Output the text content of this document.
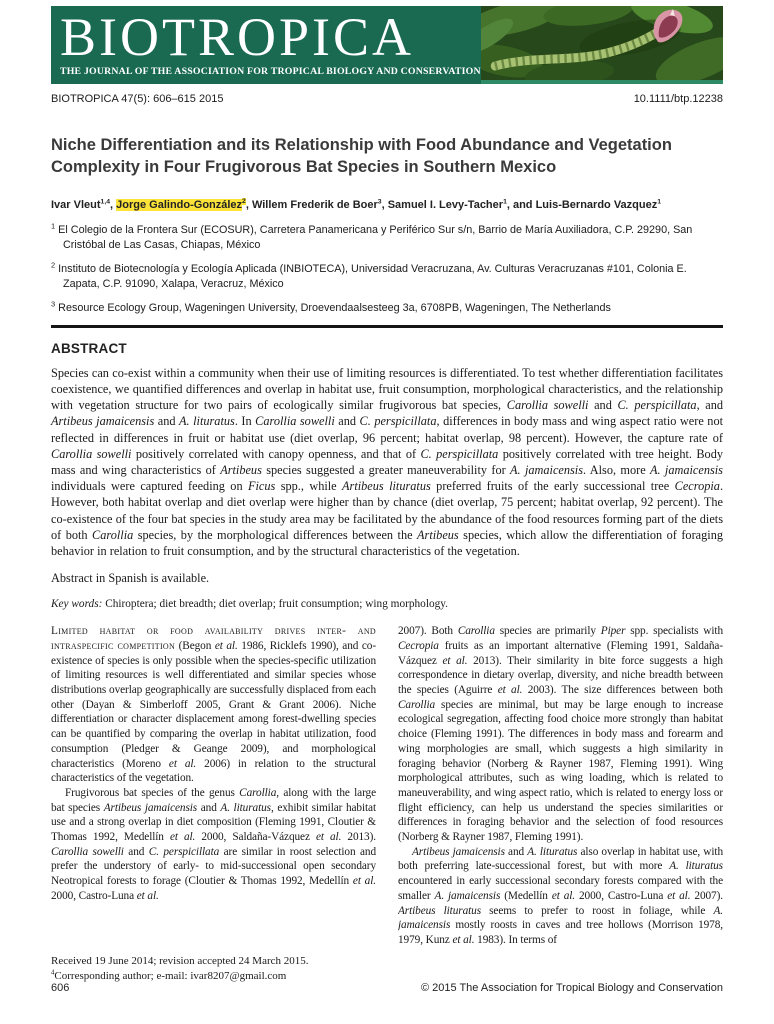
BIOTROPICA
THE JOURNAL OF THE ASSOCIATION FOR TROPICAL BIOLOGY AND CONSERVATION
BIOTROPICA 47(5): 606–615 2015	10.1111/btp.12238
Niche Differentiation and its Relationship with Food Abundance and Vegetation Complexity in Four Frugivorous Bat Species in Southern Mexico

Ivar Vleut$^{1,4}$, Jorge Galindo-González$^2$, Willem Frederik de Boer$^3$, Samuel I. Levy-Tacher$^1$, and Luis-Bernardo Vazquez$^1$

$^1$ El Colegio de la Frontera Sur (ECOSUR), Carretera Panamericana y Periférico Sur s/n, Barrio de María Auxiliadora, C.P. 29290, San Cristóbal de Las Casas, Chiapas, México

$^2$ Instituto de Biotecnología y Ecología Aplicada (INBIOTECA), Universidad Veracruzana, Av. Culturas Veracruzanas #101, Colonia E. Zapata, C.P. 91090, Xalapa, Veracruz, México

$^3$ Resource Ecology Group, Wageningen University, Droevendaalsesteeg 3a, 6708PB, Wageningen, The Netherlands

ABSTRACT

Species can co-exist within a community when their use of limiting resources is differentiated. To test whether differentiation facilitates coexistence, we quantified differences and overlap in habitat use, fruit consumption, morphological characteristics, and the relationship with vegetation structure for two pairs of ecologically similar frugivorous bat species, Carollia sowelli and C. perspicillata, and Artibeus jamaicensis and A. lituratus. In Carollia sowelli and C. perspicillata, differences in body mass and wing aspect ratio were not reflected in differences in fruit or habitat use (diet overlap, 96 percent; habitat overlap, 98 percent). However, the capture rate of Carollia sowelli positively correlated with canopy openness, and that of C. perspicillata positively correlated with tree height. Body mass and wing characteristics of Artibeus species suggested a greater maneuverability for A. jamaicensis. Also, more A. jamaicensis individuals were captured feeding on Ficus spp., while Artibeus lituratus preferred fruits of the early successional tree Cecropia. However, both habitat overlap and diet overlap were higher than by chance (diet overlap, 75 percent; habitat overlap, 92 percent). The co-existence of the four bat species in the study area may be facilitated by the abundance of the food resources forming part of the diets of both Carollia species, by the morphological differences between the Artibeus species, which allow the differentiation of foraging behavior in relation to fruit consumption, and by the structural characteristics of the vegetation.

Abstract in Spanish is available.

Key words: Chiroptera; diet breadth; diet overlap; fruit consumption; wing morphology.

Limited habitat or food availability drives inter- and intraspecific competition (Begon et al. 1986, Ricklefs 1990), and co-existence of species is only possible when the species-specific utilization of limiting resources is well differentiated and similar species whose distributions overlap geographically are successfully displaced from each other (Dayan & Simberloff 2005, Grant & Grant 2006). Niche differentiation or character displacement among forest-dwelling species can be quantified by comparing the overlap in habitat utilization, food consumption (Pledger & Geange 2009), and morphological characteristics (Moreno et al. 2006) in relation to the structural characteristics of the vegetation.

Frugivorous bat species of the genus Carollia, along with the large bat species Artibeus jamaicensis and A. lituratus, exhibit similar habitat use and a strong overlap in diet composition (Fleming 1991, Cloutier & Thomas 1992, Medellín et al. 2000, Saldaña-Vázquez et al. 2013). Carollia sowelli and C. perspicillata are similar in roost selection and prefer the understory of early- to mid-successional open secondary Neotropical forests to forage (Cloutier & Thomas 1992, Medellín et al. 2000, Castro-Luna et al.

Received 19 June 2014; revision accepted 24 March 2015.

$^4$Corresponding author; e-mail: ivar8207@gmail.com

2007). Both Carollia species are primarily Piper spp. specialists with Cecropia fruits as an important alternative (Fleming 1991, Saldaña-Vázquez et al. 2013). Their similarity in bite force suggests a high correspondence in dietary overlap, diversity, and niche breadth between the species (Aguirre et al. 2003). The size differences between both Carollia species are minimal, but may be large enough to increase ecological segregation, affecting food choice more strongly than habitat choice (Fleming 1991). The differences in body mass and forearm and wing morphologies are small, which suggests a high similarity in foraging behavior (Norberg & Rayner 1987, Fleming 1991). Wing morphological attributes, such as wing loading, which is related to maneuverability, and wing aspect ratio, which is related to energy loss or flight efficiency, can help us understand the species similarities or differences in foraging behavior and the selection of food resources (Norberg & Rayner 1987, Fleming 1991).

Artibeus jamaicensis and A. lituratus also overlap in habitat use, with both preferring late-successional forest, but with more A. lituratus encountered in early successional secondary forests compared with the smaller A. jamaicensis (Medellín et al. 2000, Castro-Luna et al. 2007). Artibeus lituratus seems to prefer to roost in foliage, while A. jamaicensis mostly roosts in caves and tree hollows (Morrison 1978, 1979, Kunz et al. 1983). In terms of

606	© 2015 The Association for Tropical Biology and Conservation
